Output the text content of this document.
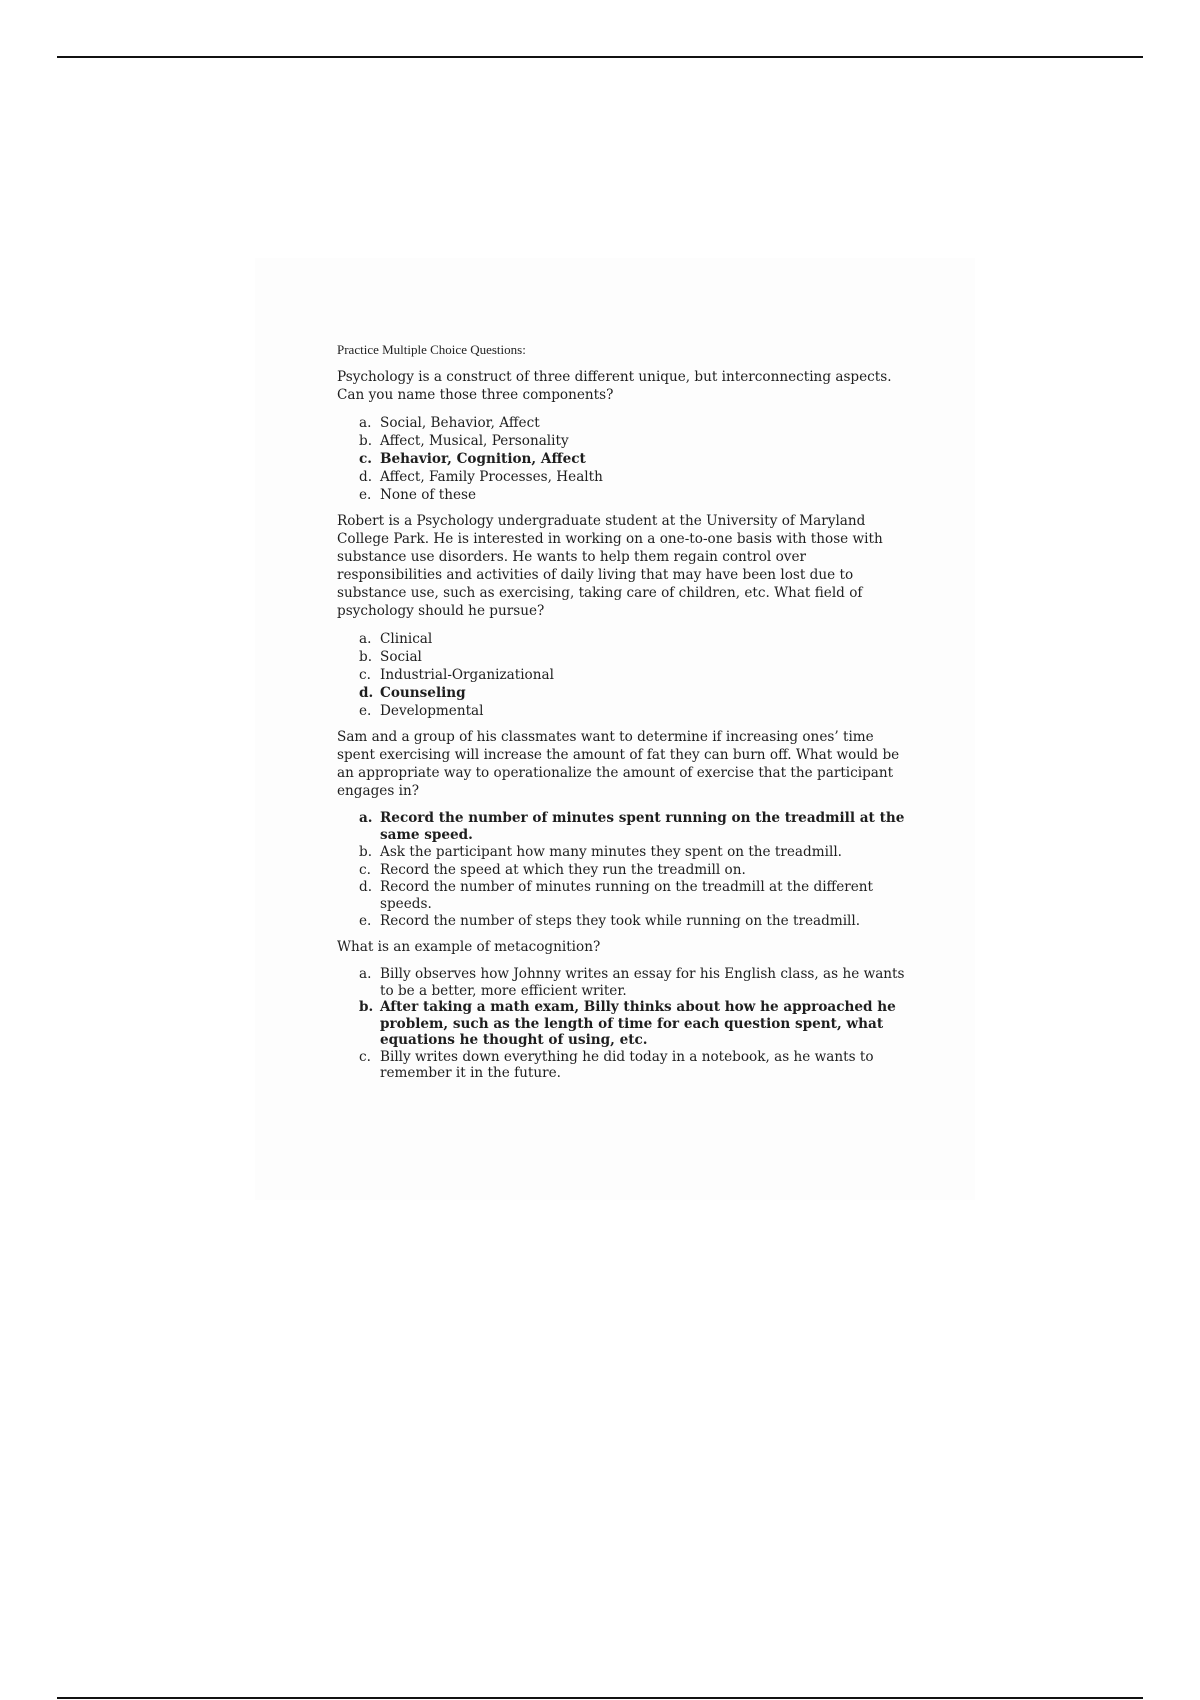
Practice Multiple Choice Questions:

Psychology is a construct of three different unique, but interconnecting aspects. Can you name those three components?

a. Social, Behavior, Affect
b. Affect, Musical, Personality
c. Behavior, Cognition, Affect
d. Affect, Family Processes, Health
e. None of these

Robert is a Psychology undergraduate student at the University of Maryland College Park. He is interested in working on a one-to-one basis with those with substance use disorders. He wants to help them regain control over responsibilities and activities of daily living that may have been lost due to substance use, such as exercising, taking care of children, etc. What field of psychology should he pursue?

a. Clinical
b. Social
c. Industrial-Organizational
d. Counseling
e. Developmental

Sam and a group of his classmates want to determine if increasing ones’ time spent exercising will increase the amount of fat they can burn off. What would be an appropriate way to operationalize the amount of exercise that the participant engages in?

a. Record the number of minutes spent running on the treadmill at the same speed.
b. Ask the participant how many minutes they spent on the treadmill.
c. Record the speed at which they run the treadmill on.
d. Record the number of minutes running on the treadmill at the different speeds.
e. Record the number of steps they took while running on the treadmill.

What is an example of metacognition?

a. Billy observes how Johnny writes an essay for his English class, as he wants to be a better, more efficient writer.
b. After taking a math exam, Billy thinks about how he approached he problem, such as the length of time for each question spent, what equations he thought of using, etc.
c. Billy writes down everything he did today in a notebook, as he wants to remember it in the future.
